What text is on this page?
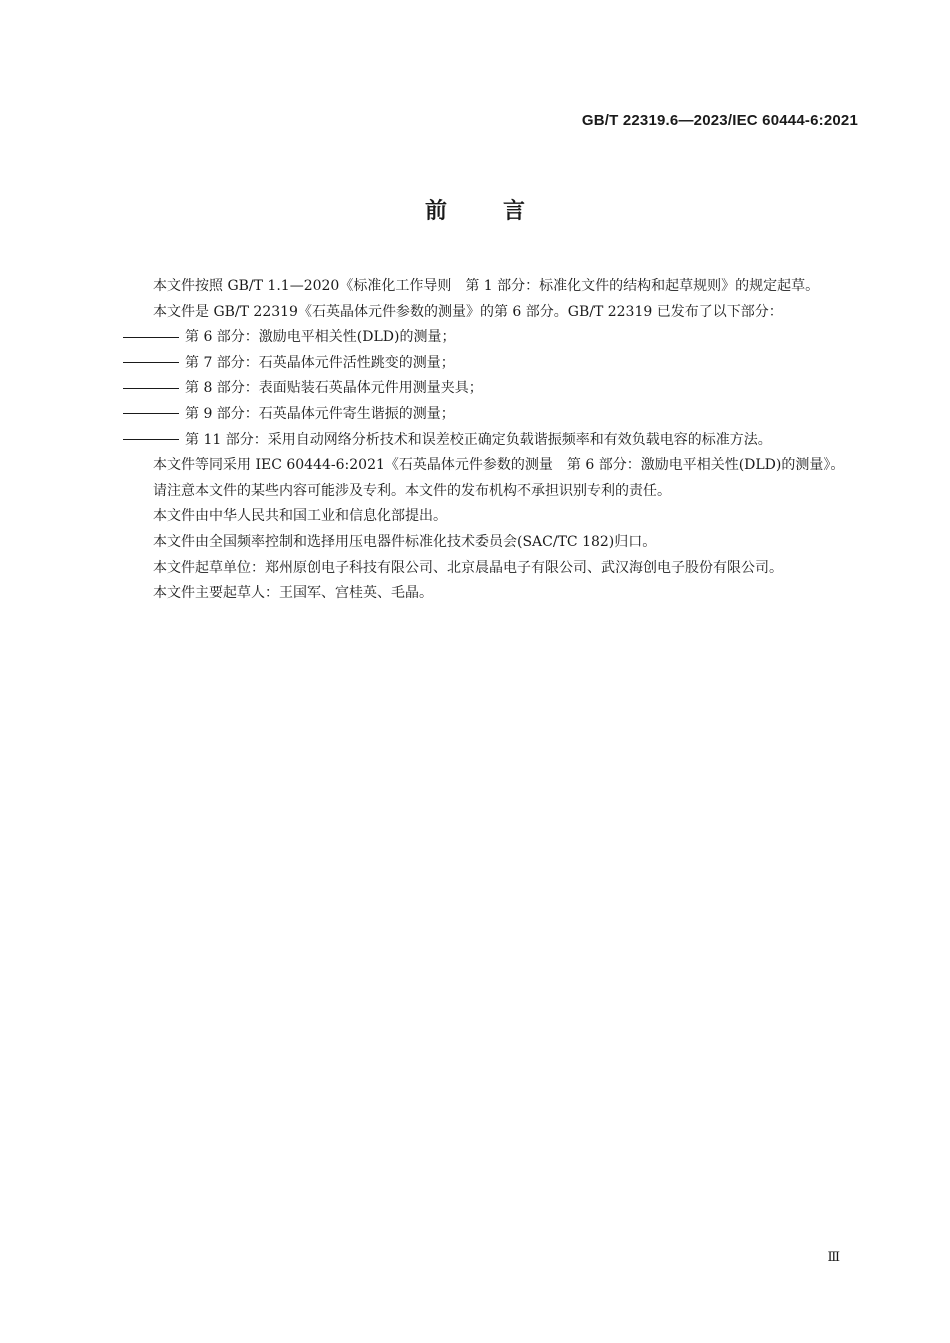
GB/T 22319.6—2023/IEC 60444-6:2021
前	言

本文件按照 GB/T 1.1—2020《标准化工作导则　第 1 部分：标准化文件的结构和起草规则》的规定起草。

本文件是 GB/T 22319《石英晶体元件参数的测量》的第 6 部分。GB/T 22319 已发布了以下部分：

第 6 部分：激励电平相关性(DLD)的测量；

第 7 部分：石英晶体元件活性跳变的测量；

第 8 部分：表面贴装石英晶体元件用测量夹具；

第 9 部分：石英晶体元件寄生谐振的测量；

第 11 部分：采用自动网络分析技术和误差校正确定负载谐振频率和有效负载电容的标准方法。

本文件等同采用 IEC 60444-6:2021《石英晶体元件参数的测量　第 6 部分：激励电平相关性(DLD)的测量》。

请注意本文件的某些内容可能涉及专利。本文件的发布机构不承担识别专利的责任。

本文件由中华人民共和国工业和信息化部提出。

本文件由全国频率控制和选择用压电器件标准化技术委员会(SAC/TC 182)归口。

本文件起草单位：郑州原创电子科技有限公司、北京晨晶电子有限公司、武汉海创电子股份有限公司。

本文件主要起草人：王国军、宫桂英、毛晶。

Ⅲ
